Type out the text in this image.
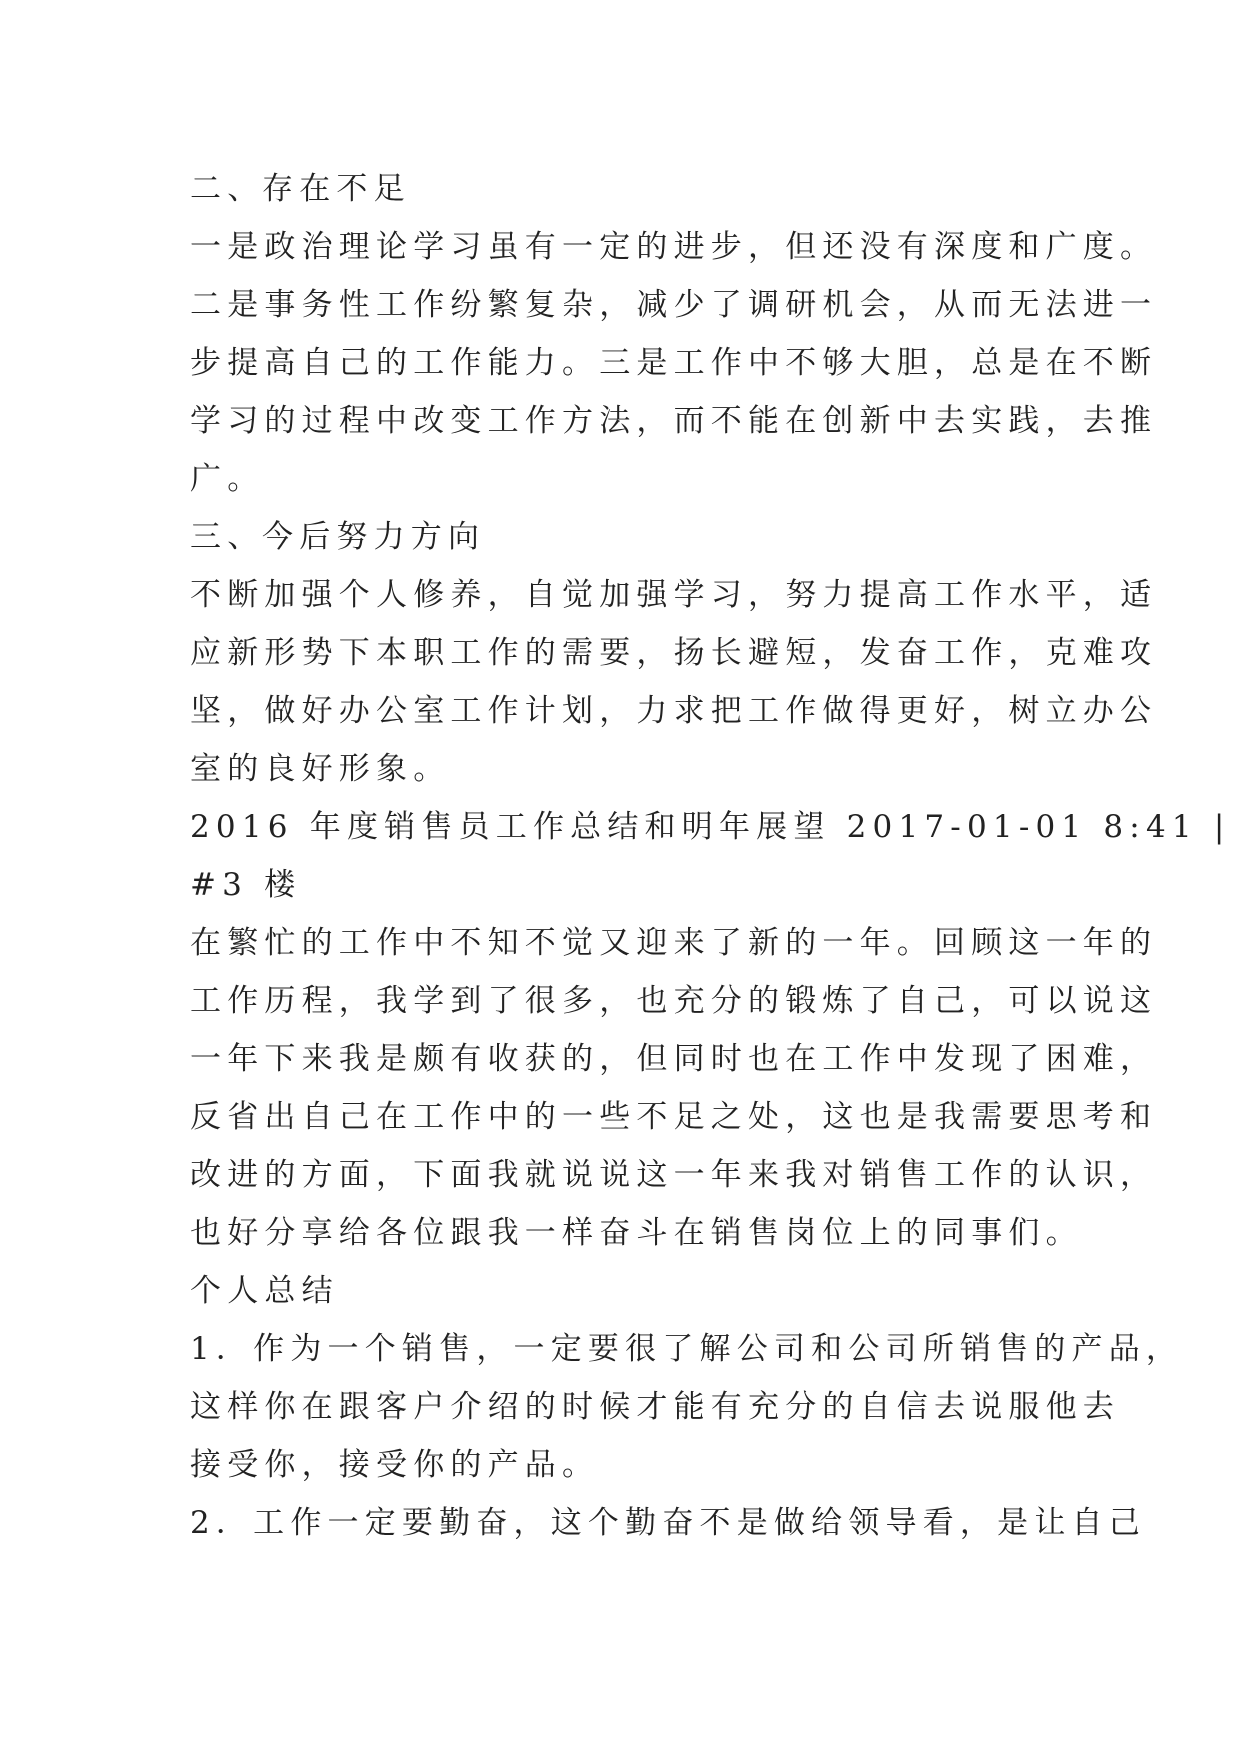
二、存在不足
一是政治理论学习虽有一定的进步，但还没有深度和广度。
二是事务性工作纷繁复杂，减少了调研机会，从而无法进一
步提高自己的工作能力。三是工作中不够大胆，总是在不断
学习的过程中改变工作方法，而不能在创新中去实践，去推
广。
三、今后努力方向
不断加强个人修养，自觉加强学习，努力提高工作水平，适
应新形势下本职工作的需要，扬长避短，发奋工作，克难攻
坚，做好办公室工作计划，力求把工作做得更好，树立办公
室的良好形象。
2016 年度销售员工作总结和明年展望 2017-01-01 8:41 |
#3 楼
在繁忙的工作中不知不觉又迎来了新的一年。回顾这一年的
工作历程，我学到了很多，也充分的锻炼了自己，可以说这
一年下来我是颇有收获的，但同时也在工作中发现了困难，
反省出自己在工作中的一些不足之处，这也是我需要思考和
改进的方面，下面我就说说这一年来我对销售工作的认识，
也好分享给各位跟我一样奋斗在销售岗位上的同事们。
个人总结
1．作为一个销售，一定要很了解公司和公司所销售的产品，
这样你在跟客户介绍的时候才能有充分的自信去说服他去
接受你，接受你的产品。
2．工作一定要勤奋，这个勤奋不是做给领导看，是让自己
